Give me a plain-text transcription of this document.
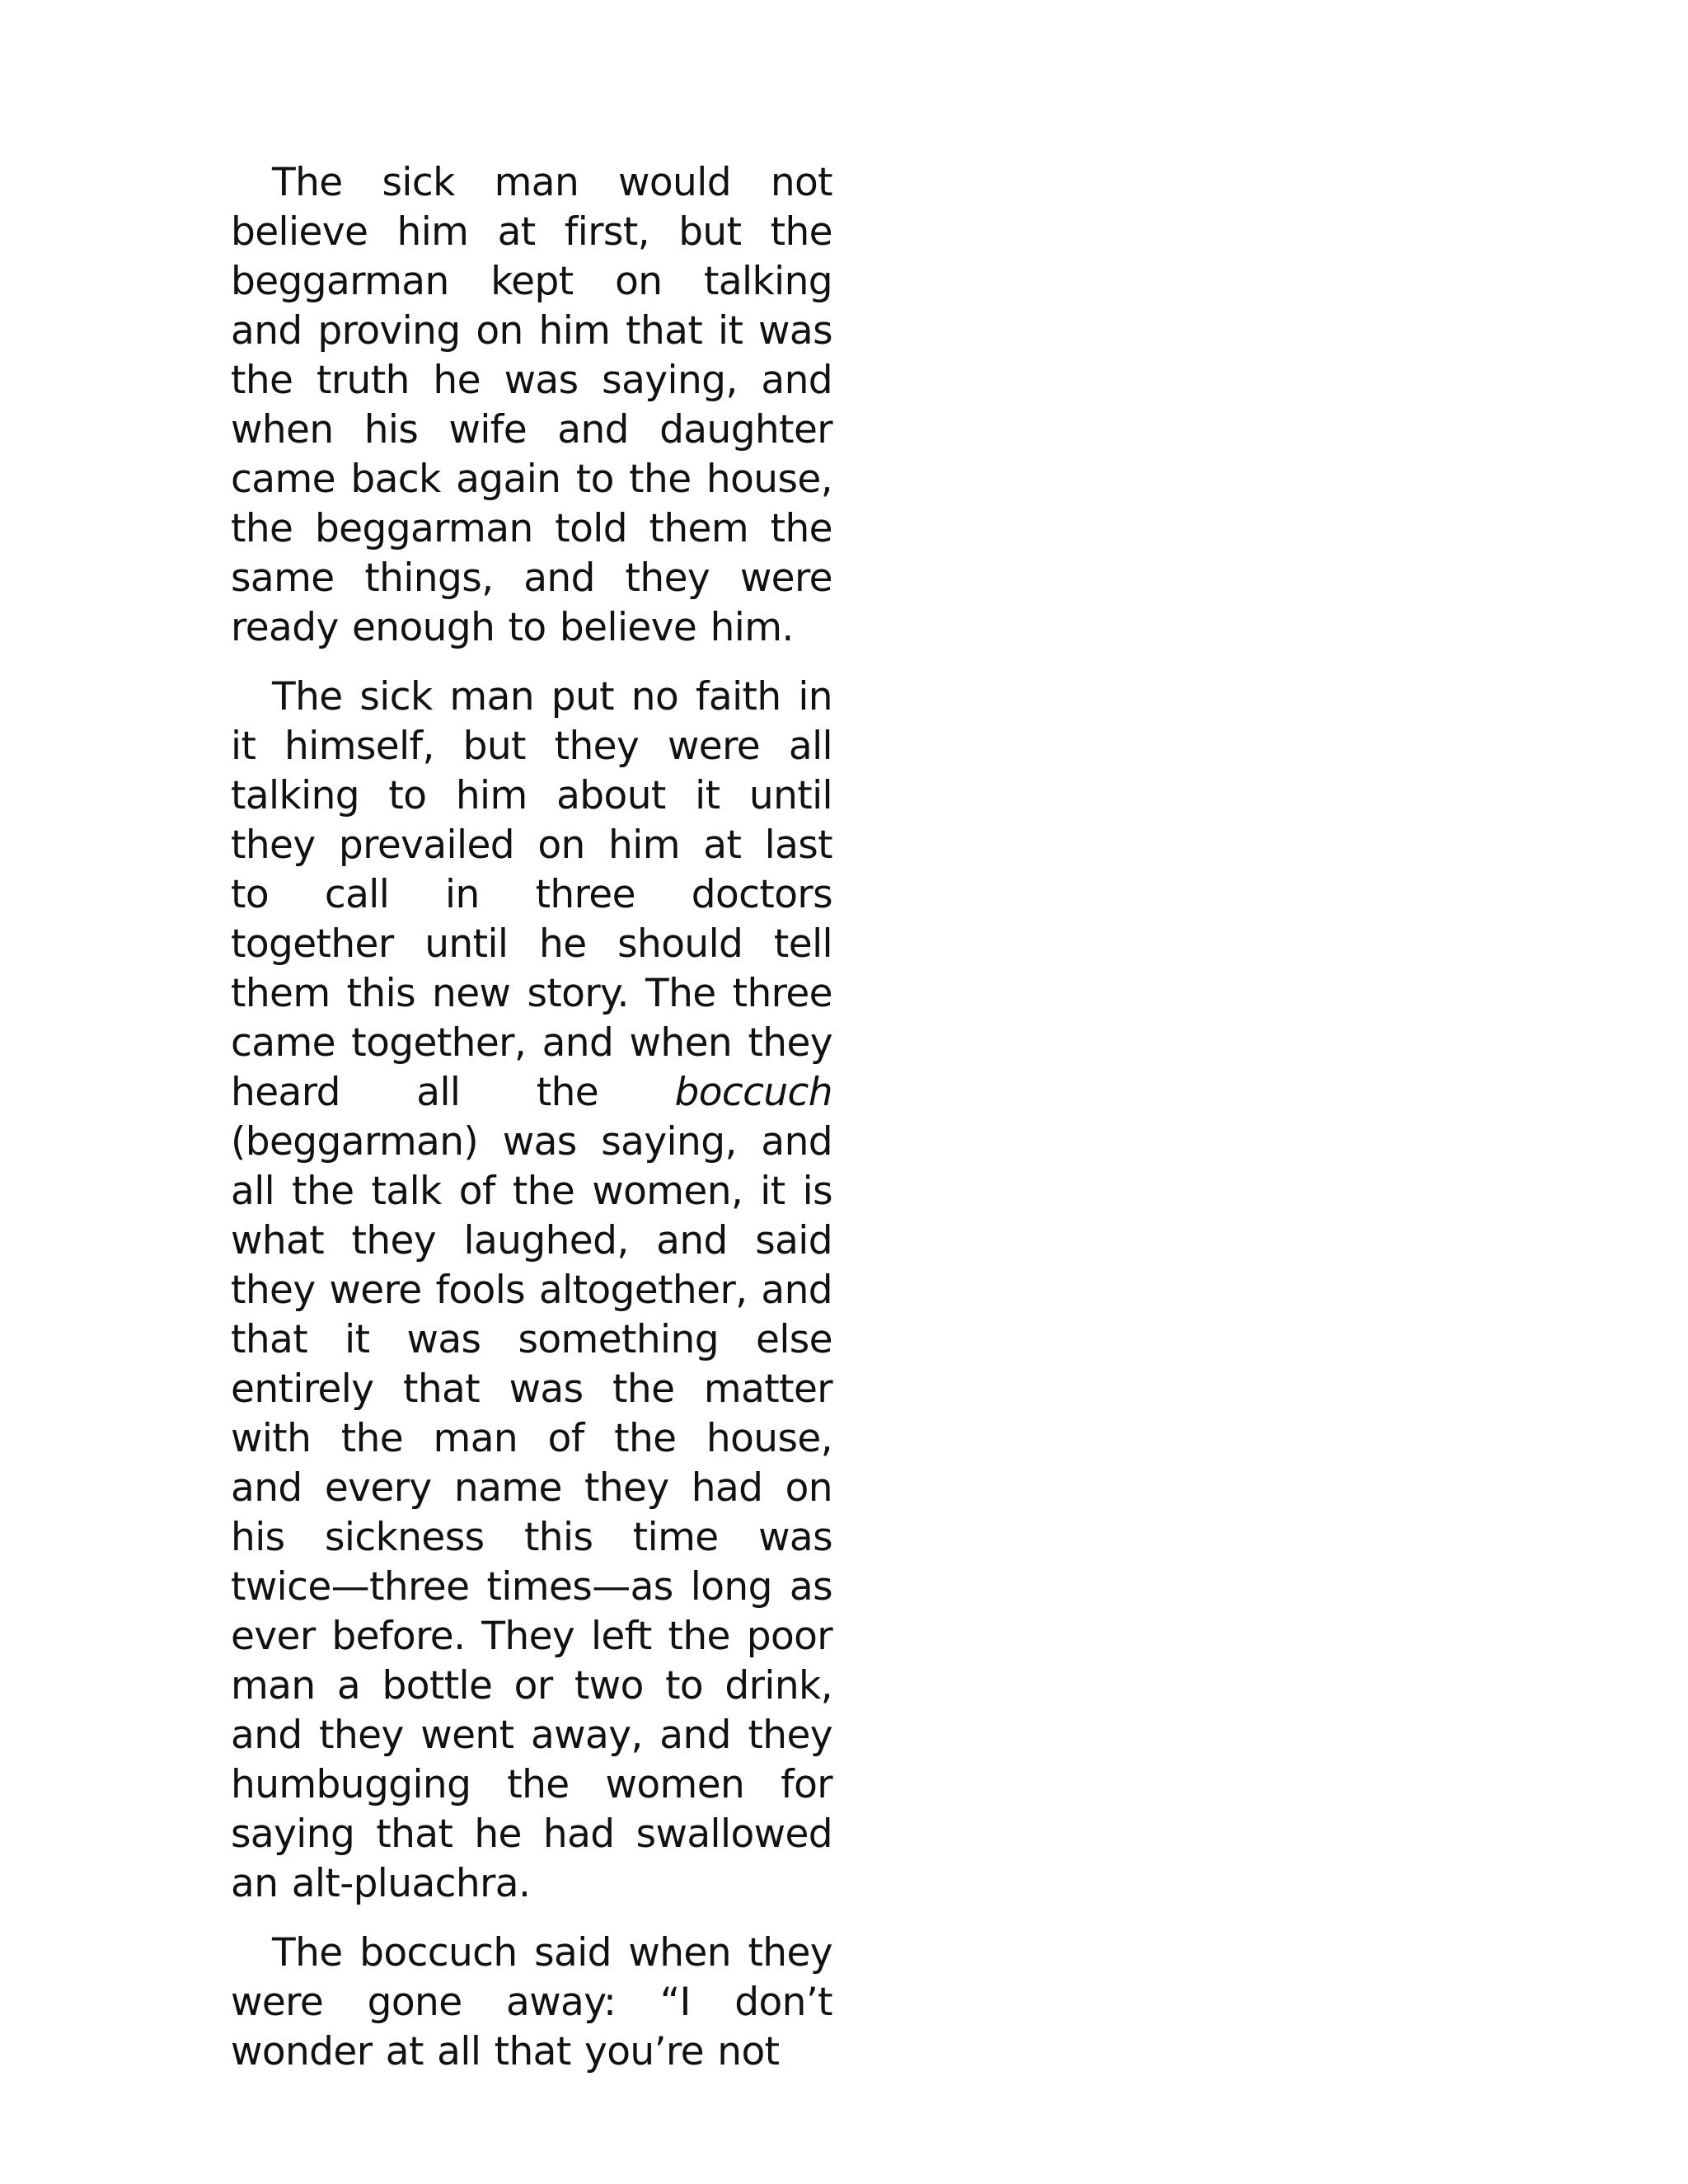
The sick man would not believe him at first, but the beggarman kept on talking and proving on him that it was the truth he was saying, and when his wife and daughter came back again to the house, the beggarman told them the same things, and they were ready enough to believe him.

The sick man put no faith in it himself, but they were all talking to him about it until they prevailed on him at last to call in three doctors together until he should tell them this new story. The three came together, and when they heard all the boccuch (beggarman) was saying, and all the talk of the women, it is what they laughed, and said they were fools altogether, and that it was something else entirely that was the matter with the man of the house, and every name they had on his sickness this time was twice—three times—as long as ever before. They left the poor man a bottle or two to drink, and they went away, and they humbugging the women for saying that he had swallowed an alt-pluachra.

The boccuch said when they were gone away: “I don’t wonder at all that you’re not
